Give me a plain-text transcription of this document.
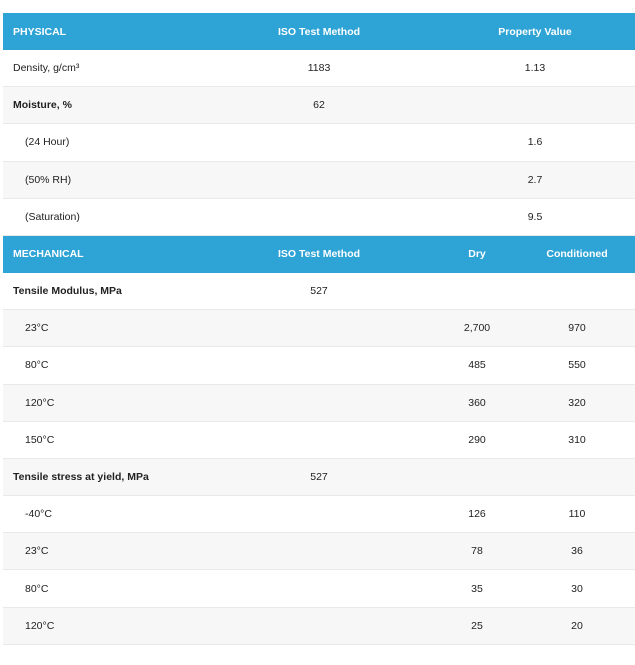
PHYSICAL	ISO Test Method	Property Value	
Density, g/cm³	1183	1.13	
Moisture, %	62		
(24 Hour)		1.6	
(50% RH)		2.7	
(Saturation)		9.5	
MECHANICAL	ISO Test Method	Dry	Conditioned
Tensile Modulus, MPa	527		
23°C		2,700	970
80°C		485	550
120°C		360	320
150°C		290	310
Tensile stress at yield, MPa	527		
-40°C		126	110
23°C		78	36
80°C		35	30
120°C		25	20
